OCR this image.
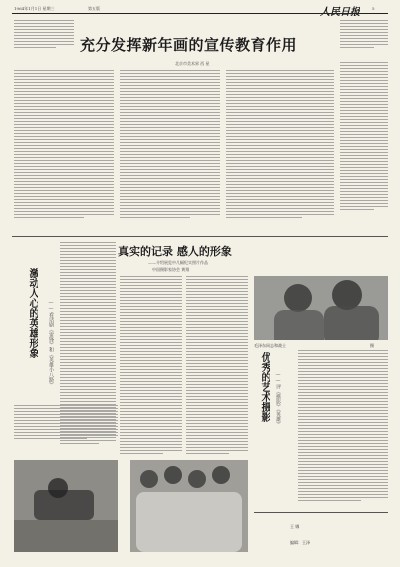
1964年1月1日 星期三	第五版	5
充分发挥新年画的宣传教育作用
北京市美术界 西 星
激动人心的英雄形象 ——看话剧《雷锋》和《英雄小八路》
真实的记录 感人的形象
——介绍展览中几幅纪实照片作品
中国摄影家协会 黄翔
毛泽东同志和战士	摄
优秀的艺术摄影 ——评《摄影》《英雄》
王 娜
编辑：王泽
